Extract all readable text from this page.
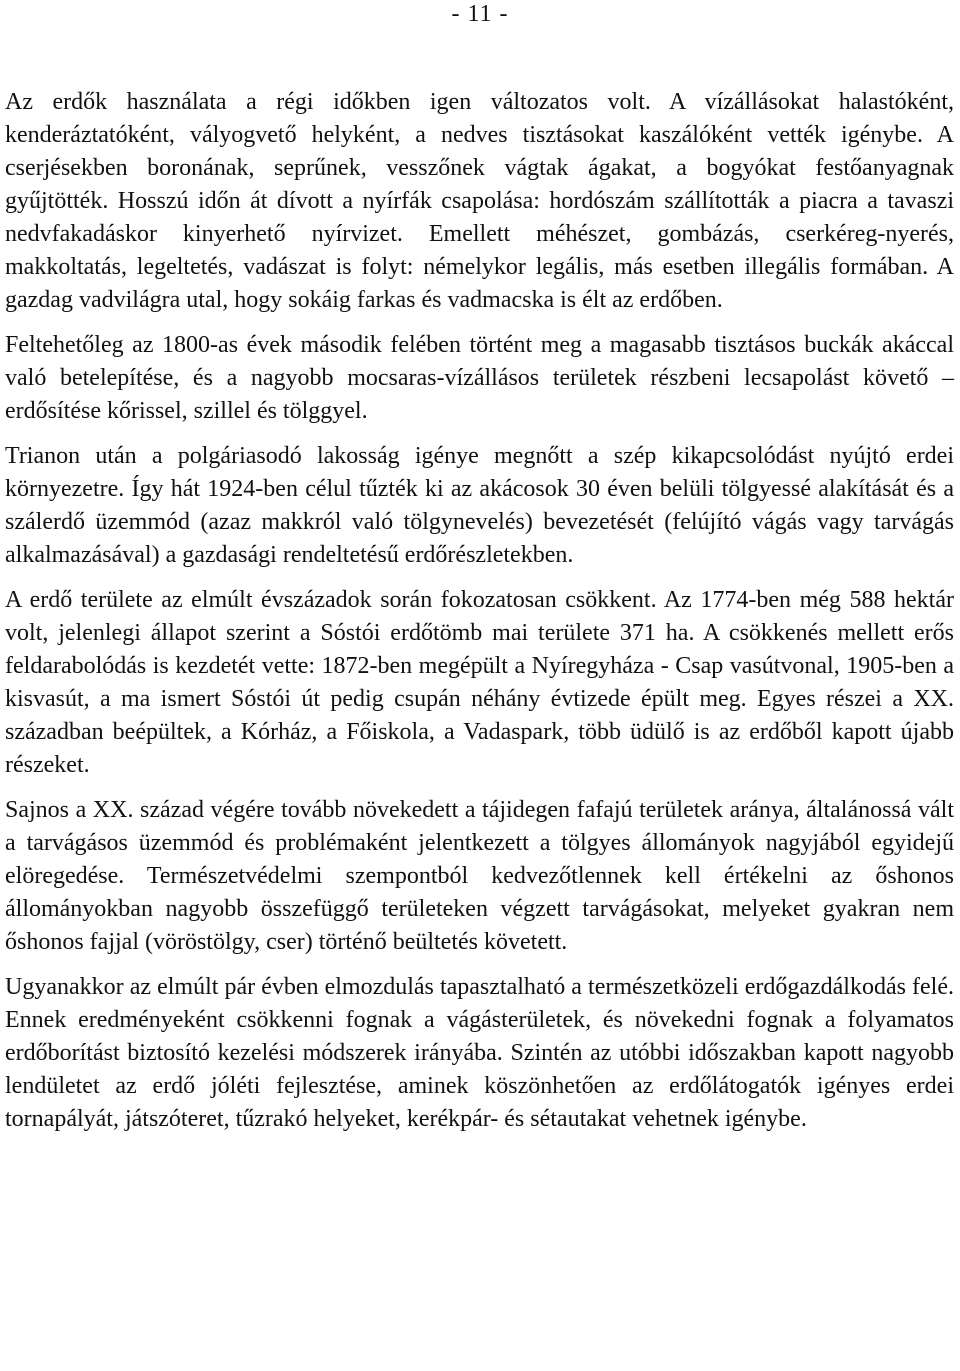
- 11 -

Az erdők használata a régi időkben igen változatos volt. A vízállásokat halastóként, kenderáztatóként, vályogvető helyként, a nedves tisztásokat kaszálóként vették igénybe. A cserjésekben boronának, seprűnek, vesszőnek vágtak ágakat, a bogyókat festőanyagnak gyűjtötték. Hosszú időn át dívott a nyírfák csapolása: hordószám szállították a piacra a tavaszi nedvfakadáskor kinyerhető nyírvizet. Emellett méhészet, gombázás, cserkéreg-nyerés, makkoltatás, legeltetés, vadászat is folyt: némelykor legális, más esetben illegális formában. A gazdag vadvilágra utal, hogy sokáig farkas és vadmacska is élt az erdőben.

Feltehetőleg az 1800-as évek második felében történt meg a magasabb tisztásos buckák akáccal való betelepítése, és a nagyobb mocsaras-vízállásos területek részbeni lecsapolást követő – erdősítése kőrissel, szillel és tölggyel.

Trianon után a polgáriasodó lakosság igénye megnőtt a szép kikapcsolódást nyújtó erdei környezetre. Így hát 1924-ben célul tűzték ki az akácosok 30 éven belüli tölgyessé alakítását és a szálerdő üzemmód (azaz makkról való tölgynevelés) bevezetését (felújító vágás vagy tarvágás alkalmazásával) a gazdasági rendeltetésű erdőrészletekben.

A erdő területe az elmúlt évszázadok során fokozatosan csökkent. Az 1774-ben még 588 hektár volt, jelenlegi állapot szerint a Sóstói erdőtömb mai területe 371 ha. A csökkenés mellett erős feldarabolódás is kezdetét vette: 1872-ben megépült a Nyíregyháza - Csap vasútvonal, 1905-ben a kisvasút, a ma ismert Sóstói út pedig csupán néhány évtizede épült meg. Egyes részei a XX. században beépültek, a Kórház, a Főiskola, a Vadaspark, több üdülő is az erdőből kapott újabb részeket.

Sajnos a XX. század végére tovább növekedett a tájidegen fafajú területek aránya, általánossá vált a tarvágásos üzemmód és problémaként jelentkezett a tölgyes állományok nagyjából egyidejű elöregedése. Természetvédelmi szempontból kedvezőtlennek kell értékelni az őshonos állományokban nagyobb összefüggő területeken végzett tarvágásokat, melyeket gyakran nem őshonos fajjal (vöröstölgy, cser) történő beültetés követett.

Ugyanakkor az elmúlt pár évben elmozdulás tapasztalható a természetközeli erdőgazdálkodás felé. Ennek eredményeként csökkenni fognak a vágásterületek, és növekedni fognak a folyamatos erdőborítást biztosító kezelési módszerek irányába. Szintén az utóbbi időszakban kapott nagyobb lendületet az erdő jóléti fejlesztése, aminek köszönhetően az erdőlátogatók igényes erdei tornapályát, játszóteret, tűzrakó helyeket, kerékpár- és sétautakat vehetnek igénybe.
